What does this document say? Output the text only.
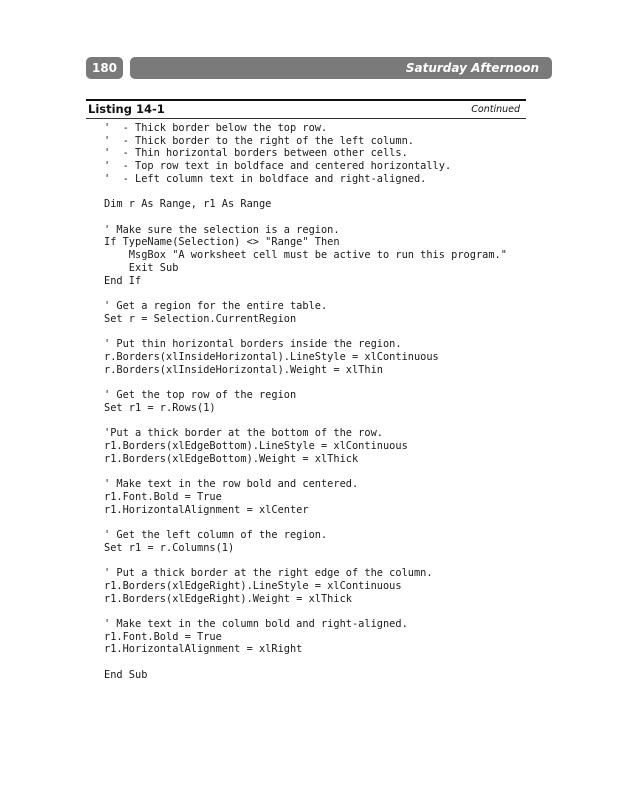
180	Saturday Afternoon
Listing 14-1	Continued
'  - Thick border below the top row.
'  - Thick border to the right of the left column.
'  - Thin horizontal borders between other cells.
'  - Top row text in boldface and centered horizontally.
'  - Left column text in boldface and right-aligned.
Dim r As Range, r1 As Range
' Make sure the selection is a region.
If TypeName(Selection) <> "Range" Then
MsgBox "A worksheet cell must be active to run this program."
Exit Sub
End If
' Get a region for the entire table.
Set r = Selection.CurrentRegion
' Put thin horizontal borders inside the region.
r.Borders(xlInsideHorizontal).LineStyle = xlContinuous
r.Borders(xlInsideHorizontal).Weight = xlThin
' Get the top row of the region
Set r1 = r.Rows(1)
'Put a thick border at the bottom of the row.
r1.Borders(xlEdgeBottom).LineStyle = xlContinuous
r1.Borders(xlEdgeBottom).Weight = xlThick
' Make text in the row bold and centered.
r1.Font.Bold = True
r1.HorizontalAlignment = xlCenter
' Get the left column of the region.
Set r1 = r.Columns(1)
' Put a thick border at the right edge of the column.
r1.Borders(xlEdgeRight).LineStyle = xlContinuous
r1.Borders(xlEdgeRight).Weight = xlThick
' Make text in the column bold and right-aligned.
r1.Font.Bold = True
r1.HorizontalAlignment = xlRight
End Sub
